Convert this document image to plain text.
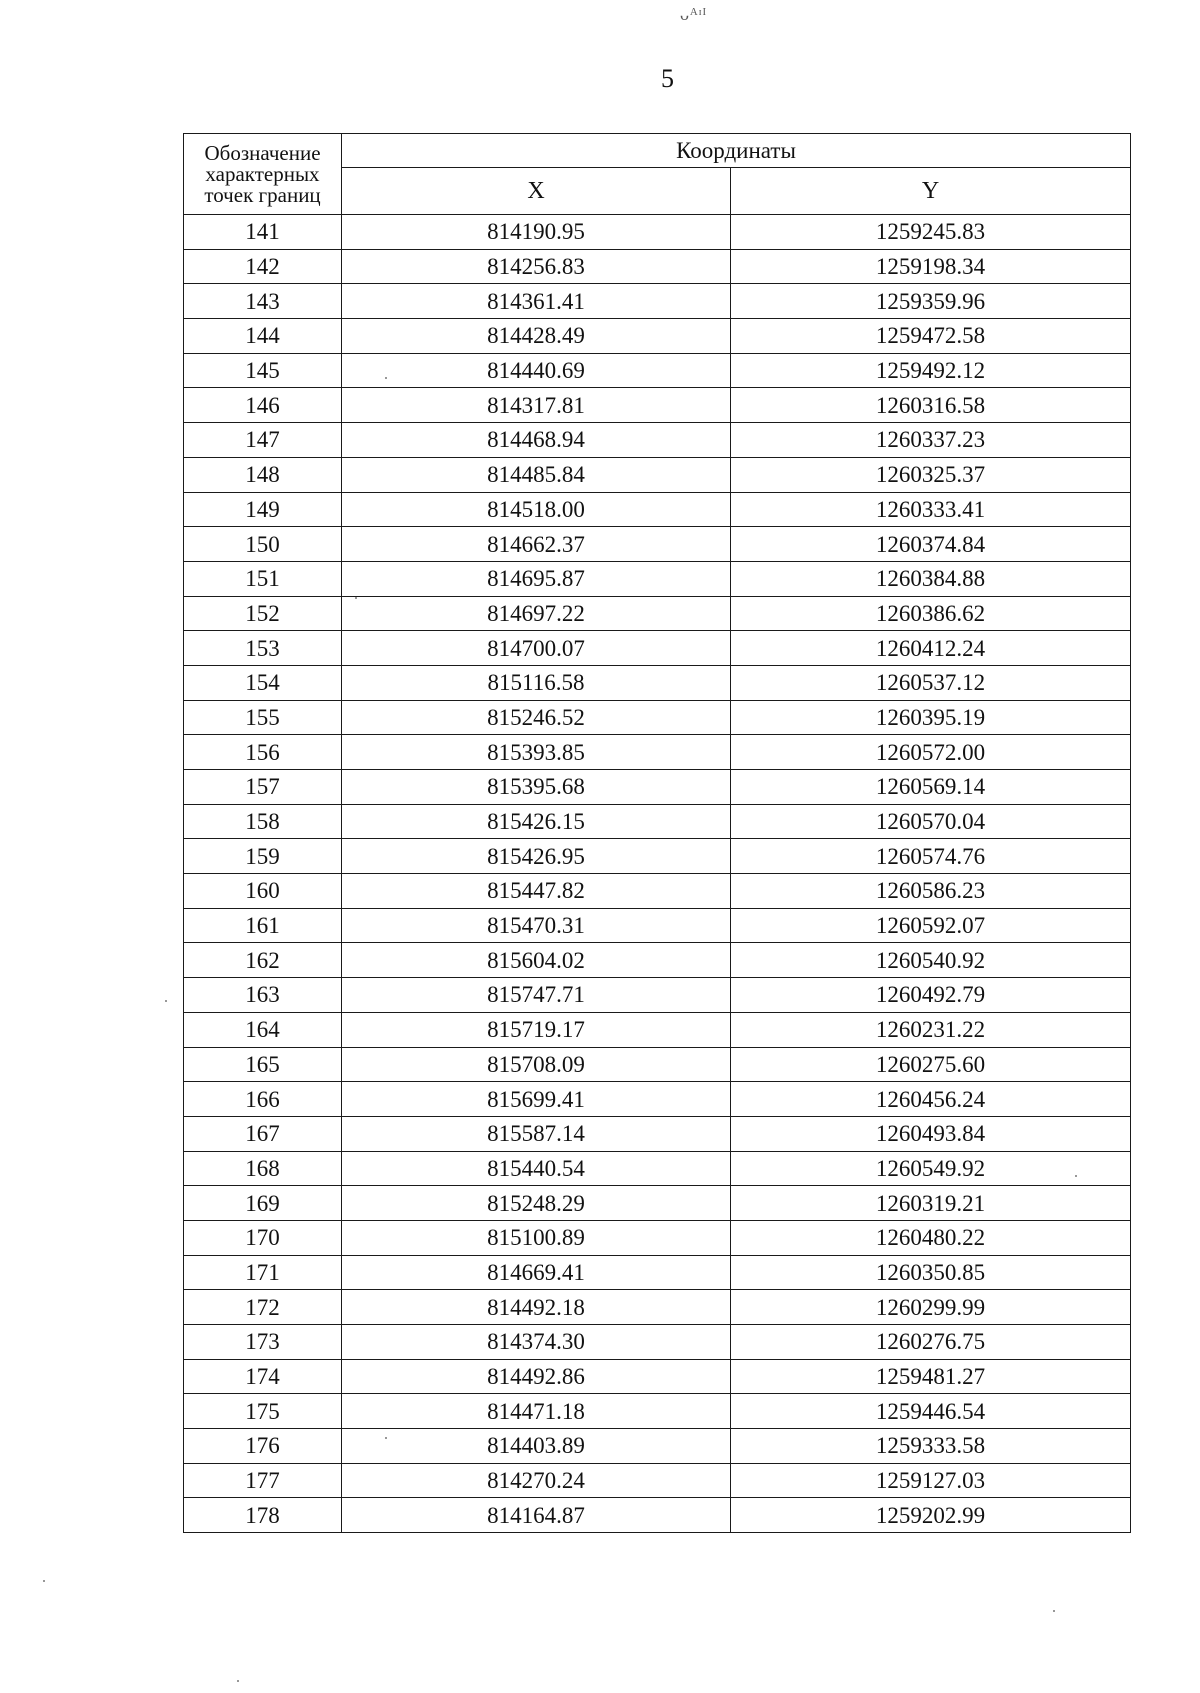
ᴗᴬᶦᴵ
5
Обозначение характерных точек границ	Координаты	
	X	Y
141	814190.95	1259245.83
142	814256.83	1259198.34
143	814361.41	1259359.96
144	814428.49	1259472.58
145	814440.69	1259492.12
146	814317.81	1260316.58
147	814468.94	1260337.23
148	814485.84	1260325.37
149	814518.00	1260333.41
150	814662.37	1260374.84
151	814695.87	1260384.88
152	814697.22	1260386.62
153	814700.07	1260412.24
154	815116.58	1260537.12
155	815246.52	1260395.19
156	815393.85	1260572.00
157	815395.68	1260569.14
158	815426.15	1260570.04
159	815426.95	1260574.76
160	815447.82	1260586.23
161	815470.31	1260592.07
162	815604.02	1260540.92
163	815747.71	1260492.79
164	815719.17	1260231.22
165	815708.09	1260275.60
166	815699.41	1260456.24
167	815587.14	1260493.84
168	815440.54	1260549.92
169	815248.29	1260319.21
170	815100.89	1260480.22
171	814669.41	1260350.85
172	814492.18	1260299.99
173	814374.30	1260276.75
174	814492.86	1259481.27
175	814471.18	1259446.54
176	814403.89	1259333.58
177	814270.24	1259127.03
178	814164.87	1259202.99
